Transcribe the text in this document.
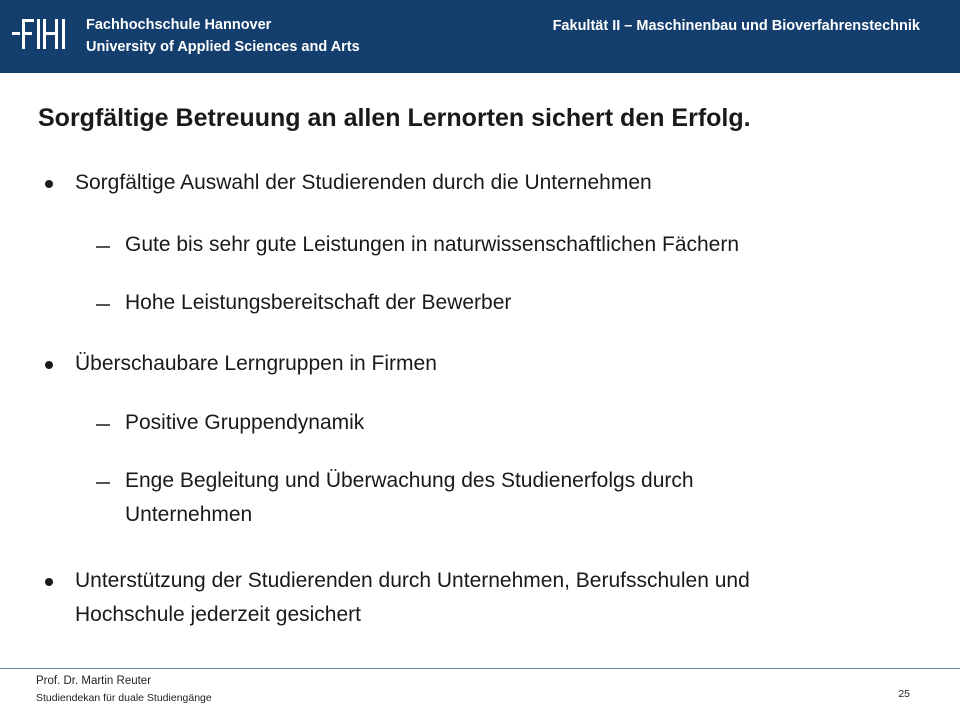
Fachhochschule Hannover
University of Applied Sciences and Arts
Fakultät II – Maschinenbau und Bioverfahrenstechnik
Sorgfältige Betreuung an allen Lernorten sichert den Erfolg.
Sorgfältige Auswahl der Studierenden durch die Unternehmen
Gute bis sehr gute Leistungen in naturwissenschaftlichen Fächern
Hohe Leistungsbereitschaft der Bewerber
Überschaubare Lerngruppen in Firmen
Positive Gruppendynamik
Enge Begleitung und Überwachung des Studienerfolgs durch
Unternehmen
Unterstützung der Studierenden durch Unternehmen, Berufsschulen und
Hochschule jederzeit gesichert
Prof. Dr. Martin Reuter
Studiendekan für duale Studiengänge	25
